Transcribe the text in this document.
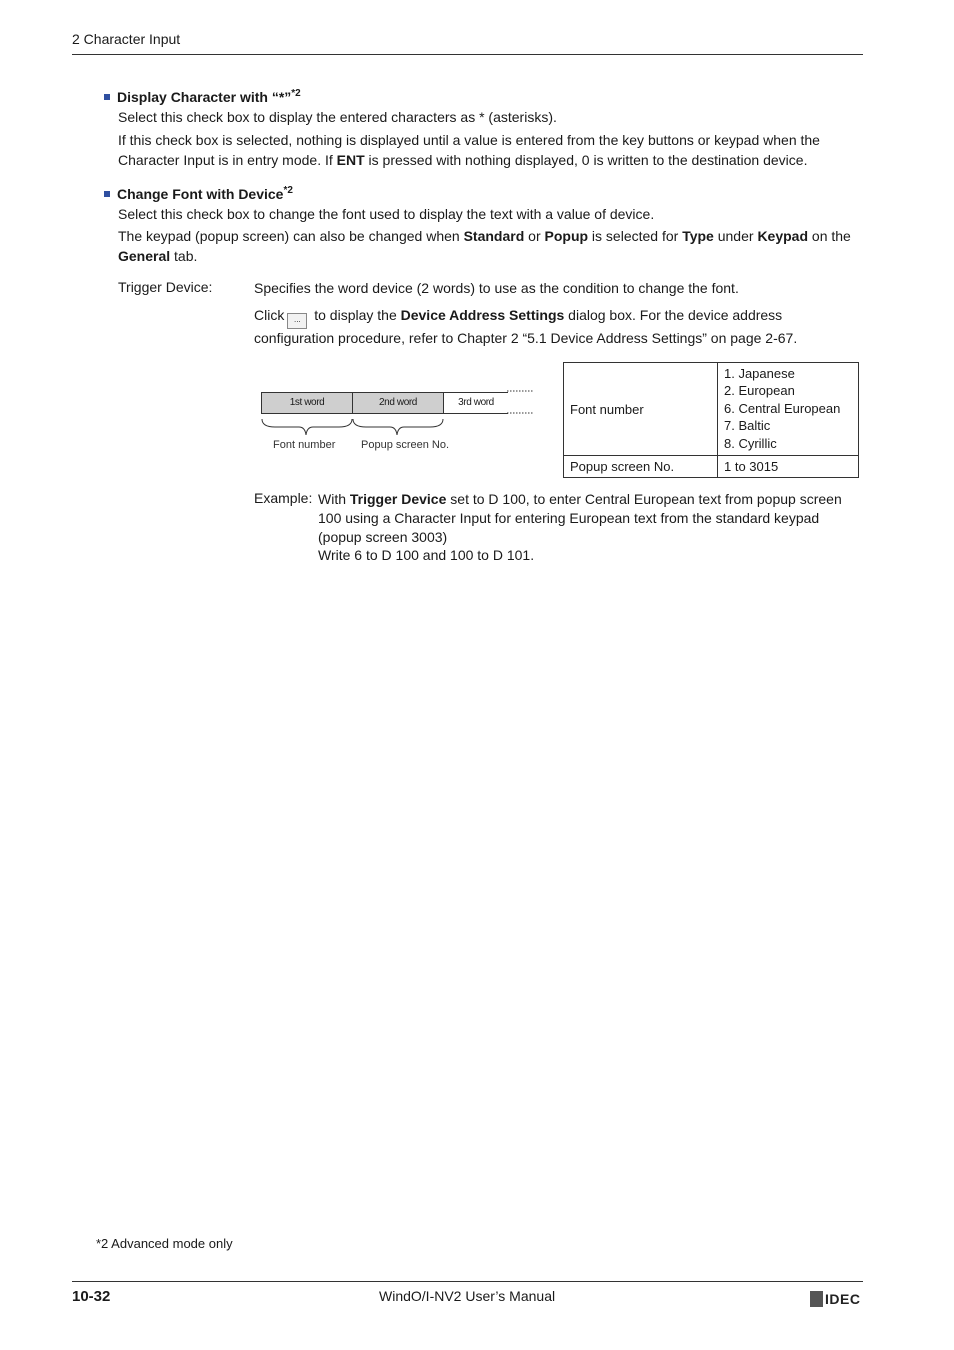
2 Character Input
Display Character with “*”$^{*2}$
Select this check box to display the entered characters as * (asterisks).
If this check box is selected, nothing is displayed until a value is entered from the key buttons or keypad when the Character Input is in entry mode. If ENT is pressed with nothing displayed, 0 is written to the destination device.
Change Font with Device$^{*2}$
Select this check box to change the font used to display the text with a value of device.
The keypad (popup screen) can also be changed when Standard or Popup is selected for Type under Keypad on the General tab.
Trigger Device:	Specifies the word device (2 words) to use as the condition to change the font.
Click ... to display the Device Address Settings dialog box. For the device address configuration procedure, refer to Chapter 2 “5.1 Device Address Settings” on page 2-67.
1st word	2nd word	3rd word
Font number Popup screen No.
Font number	1. Japanese
2. European
6. Central European
7. Baltic
8. Cyrillic

Popup screen No.	1 to 3015
Example: With Trigger Device set to D 100, to enter Central European text from popup screen 100 using a Character Input for entering European text from the standard keypad (popup screen 3003)
Write 6 to D 100 and 100 to D 101.
*2 Advanced mode only
10-32	WindO/I-NV2 User’s Manual	IDEC
